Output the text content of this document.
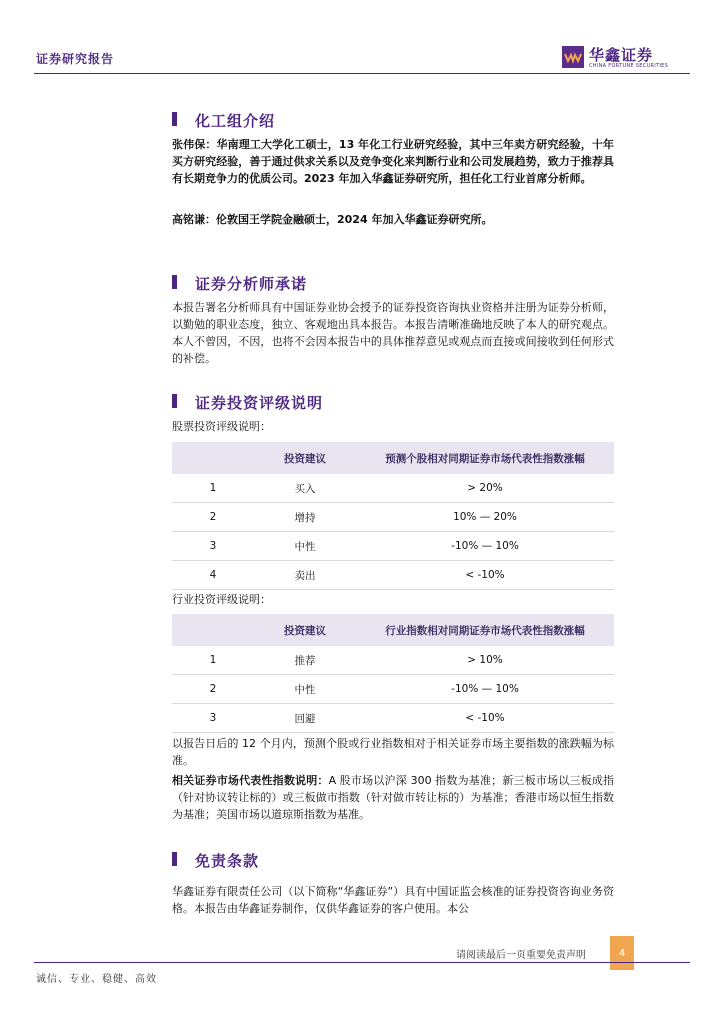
证券研究报告	华鑫证券
CHINA FORTUNE SECURITIES
化工组介绍
张伟保：华南理工大学化工硕士，13 年化工行业研究经验，其中三年卖方研究经验，十年买方研究经验，善于通过供求关系以及竞争变化来判断行业和公司发展趋势，致力于推荐具有长期竞争力的优质公司。2023 年加入华鑫证券研究所，担任化工行业首席分析师。
高铭谦：伦敦国王学院金融硕士，2024 年加入华鑫证券研究所。
证券分析师承诺
本报告署名分析师具有中国证券业协会授予的证券投资咨询执业资格并注册为证券分析师，以勤勉的职业态度，独立、客观地出具本报告。本报告清晰准确地反映了本人的研究观点。本人不曾因，不因，也将不会因本报告中的具体推荐意见或观点而直接或间接收到任何形式的补偿。
证券投资评级说明
股票投资评级说明：
	投资建议	预测个股相对同期证券市场代表性指数涨幅
1	买入	> 20%
2	增持	10% — 20%
3	中性	-10% — 10%
4	卖出	< -10%
行业投资评级说明：
	投资建议	行业指数相对同期证券市场代表性指数涨幅
1	推荐	> 10%
2	中性	-10% — 10%
3	回避	< -10%
以报告日后的 12 个月内，预测个股或行业指数相对于相关证券市场主要指数的涨跌幅为标准。
相关证券市场代表性指数说明：A 股市场以沪深 300 指数为基准；新三板市场以三板成指（针对协议转让标的）或三板做市指数（针对做市转让标的）为基准；香港市场以恒生指数为基准；美国市场以道琼斯指数为基准。
免责条款
华鑫证券有限责任公司（以下简称“华鑫证券”）具有中国证监会核准的证券投资咨询业务资格。本报告由华鑫证券制作，仅供华鑫证券的客户使用。本公
请阅读最后一页重要免责声明	4
诚信、专业、稳健、高效
